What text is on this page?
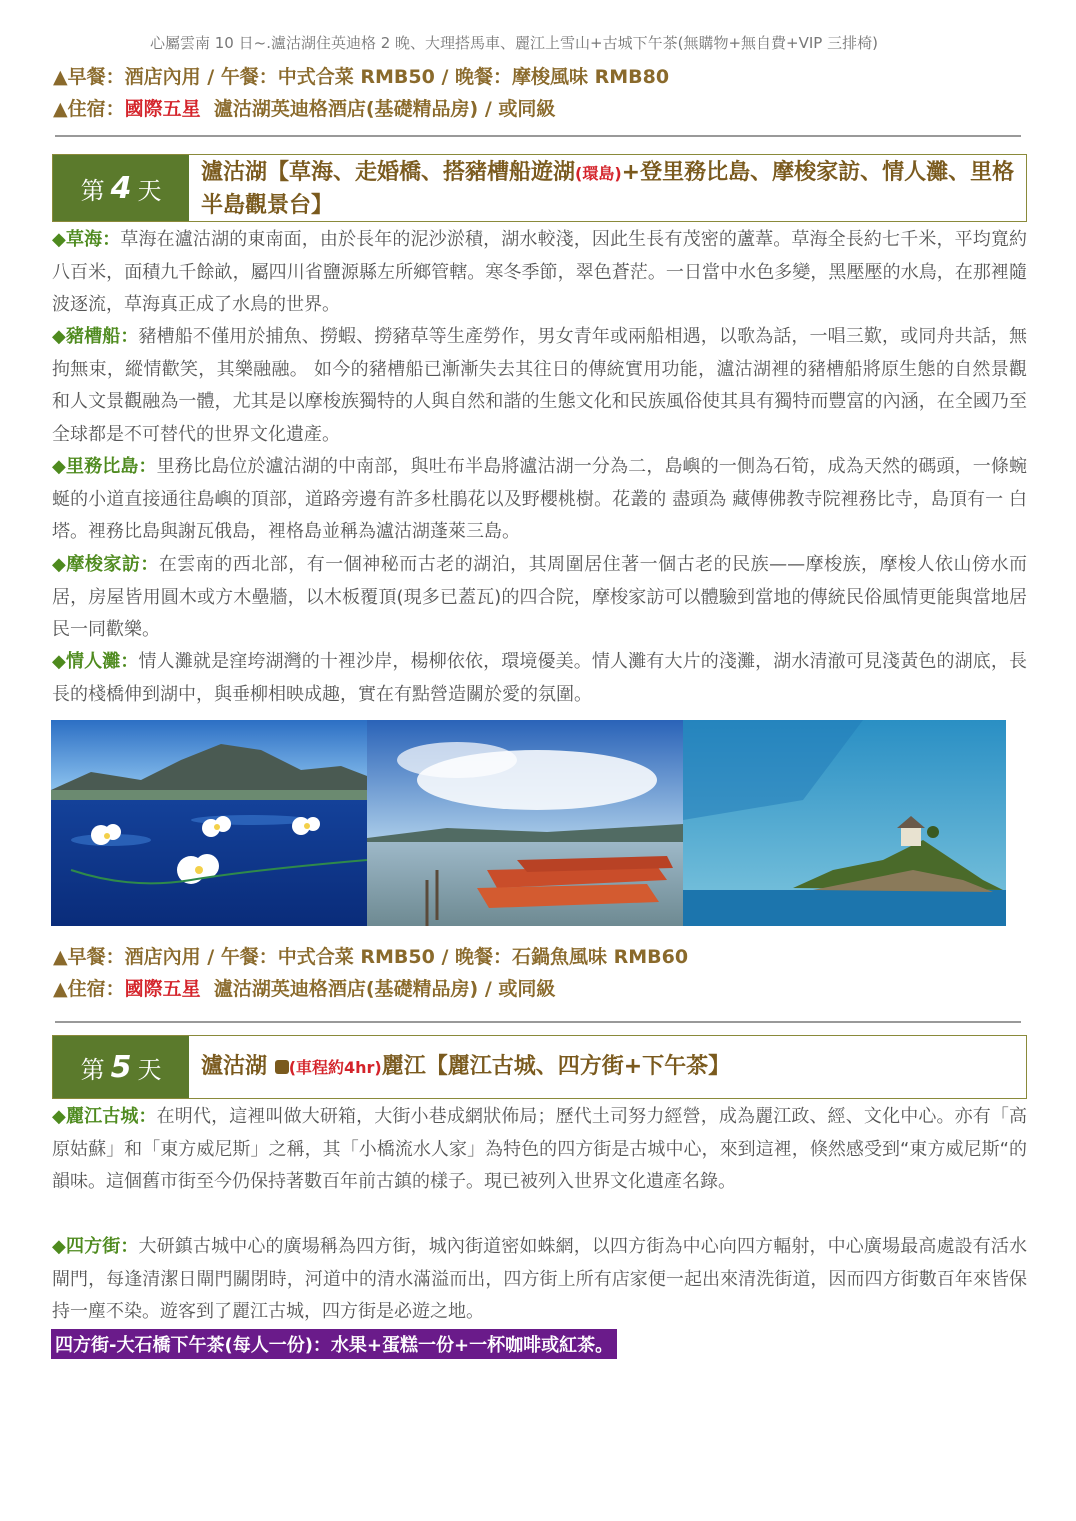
心屬雲南 10 日~.瀘沽湖住英迪格 2 晚、大理搭馬車、麗江上雪山+古城下午茶(無購物+無自費+VIP 三排椅)
▲早餐：酒店內用 / 午餐：中式合菜 RMB50 / 晚餐：摩梭風味 RMB80
▲住宿：國際五星 瀘沽湖英迪格酒店(基礎精品房) / 或同級
第 4 天
瀘沽湖【草海、走婚橋、搭豬槽船遊湖(環島)+登里務比島、摩梭家訪、情人灘、里格半島觀景台】
◆草海：草海在瀘沽湖的東南面，由於長年的泥沙淤積，湖水較淺，因此生長有茂密的蘆葦。草海全長約七千米，平均寬約八百米，面積九千餘畝，屬四川省鹽源縣左所鄉管轄。寒冬季節，翠色蒼茫。一日當中水色多變，黑壓壓的水鳥，在那裡隨波逐流，草海真正成了水鳥的世界。
◆豬槽船：豬槽船不僅用於捕魚、撈蝦、撈豬草等生產勞作，男女青年或兩船相遇，以歌為話，一唱三歎，或同舟共話，無拘無束，縱情歡笑，其樂融融。 如今的豬槽船已漸漸失去其往日的傳統實用功能，瀘沽湖裡的豬槽船將原生態的自然景觀和人文景觀融為一體，尤其是以摩梭族獨特的人與自然和諧的生態文化和民族風俗使其具有獨特而豐富的內涵，在全國乃至全球都是不可替代的世界文化遺產。
◆里務比島：里務比島位於瀘沽湖的中南部，與吐布半島將瀘沽湖一分為二，島嶼的一側為石筍，成為天然的碼頭，一條蜿蜒的小道直接通往島嶼的頂部，道路旁邊有許多杜鵑花以及野櫻桃樹。花叢的 盡頭為 藏傳佛教寺院裡務比寺，島頂有一 白塔。裡務比島與謝瓦俄島，裡格島並稱為瀘沽湖蓬萊三島。
◆摩梭家訪：在雲南的西北部，有一個神秘而古老的湖泊，其周圍居住著一個古老的民族——摩梭族，摩梭人依山傍水而居，房屋皆用圓木或方木壘牆，以木板覆頂(現多已蓋瓦)的四合院，摩梭家訪可以體驗到當地的傳統民俗風情更能與當地居民一同歡樂。
◆情人灘：情人灘就是窪垮湖灣的十裡沙岸，楊柳依依，環境優美。情人灘有大片的淺灘，湖水清澈可見淺黃色的湖底，長長的棧橋伸到湖中，與垂柳相映成趣，實在有點營造關於愛的氛圍。
▲早餐：酒店內用 / 午餐：中式合菜 RMB50 / 晚餐：石鍋魚風味 RMB60
▲住宿：國際五星 瀘沽湖英迪格酒店(基礎精品房) / 或同級
第 5 天 瀘沽湖 (車程約4hr)麗江【麗江古城、四方街+下午茶】
◆麗江古城：在明代，這裡叫做大研箱，大街小巷成網狀佈局；歷代土司努力經營，成為麗江政、經、文化中心。亦有「高原姑蘇」和「東方威尼斯」之稱，其「小橋流水人家」為特色的四方街是古城中心，來到這裡，倏然感受到“東方威尼斯“的韻味。這個舊市街至今仍保持著數百年前古鎮的樣子。現已被列入世界文化遺產名錄。
◆四方街：大研鎮古城中心的廣場稱為四方街，城內街道密如蛛網，以四方街為中心向四方輻射，中心廣場最高處設有活水閘門，每逢清潔日閘門關閉時，河道中的清水滿溢而出，四方街上所有店家便一起出來清洗街道，因而四方街數百年來皆保持一塵不染。遊客到了麗江古城，四方街是必遊之地。
四方街-大石橋下午茶(每人一份)：水果+蛋糕一份+一杯咖啡或紅茶。
